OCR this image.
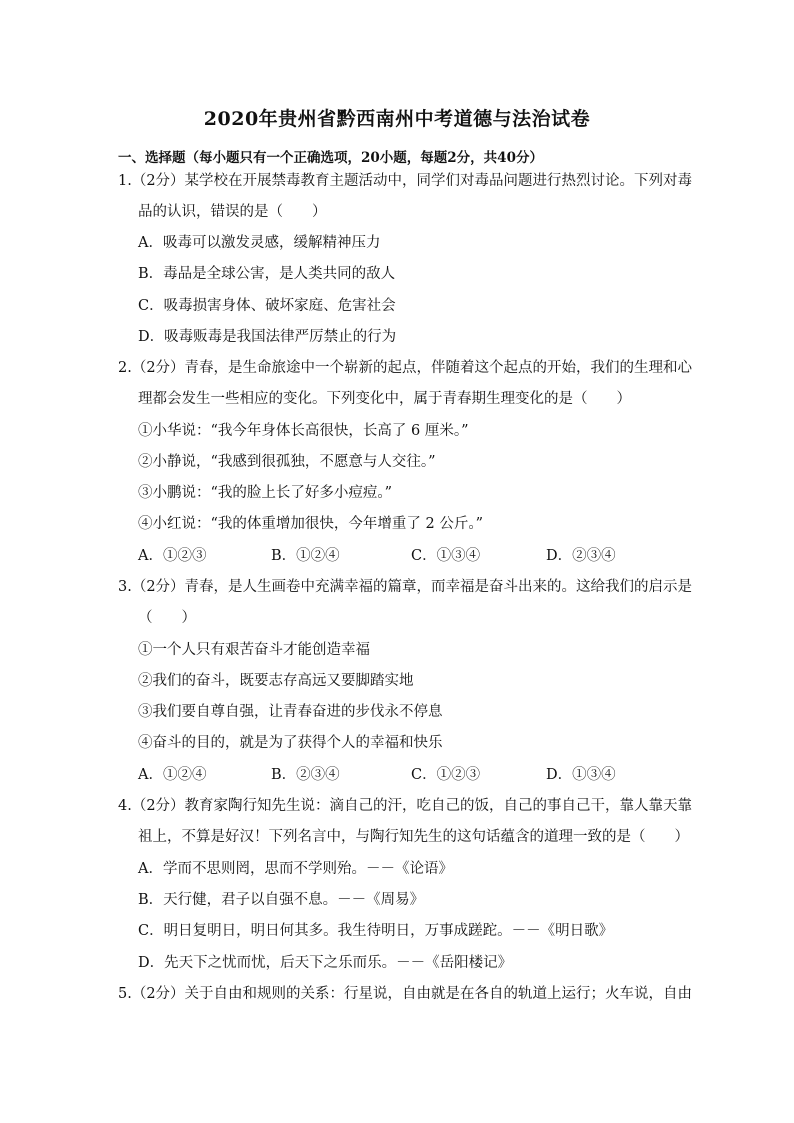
2020年贵州省黔西南州中考道德与法治试卷
一、选择题（每小题只有一个正确选项，20小题，每题2分，共40分）
1.（2分）某学校在开展禁毒教育主题活动中，同学们对毒品问题进行热烈讨论。下列对毒
品的认识，错误的是（　　）
A．吸毒可以激发灵感，缓解精神压力
B．毒品是全球公害，是人类共同的敌人
C．吸毒损害身体、破坏家庭、危害社会
D．吸毒贩毒是我国法律严厉禁止的行为
2.（2分）青春，是生命旅途中一个崭新的起点，伴随着这个起点的开始，我们的生理和心
理都会发生一些相应的变化。下列变化中，属于青春期生理变化的是（　　）
①小华说：“我今年身体长高很快，长高了 6 厘米。”
②小静说，“我感到很孤独，不愿意与人交往。”
③小鹏说：“我的脸上长了好多小痘痘。”
④小红说：“我的体重增加很快，今年增重了 2 公斤。”
A．①②③	B．①②④	C．①③④	D．②③④
3.（2分）青春，是人生画卷中充满幸福的篇章，而幸福是奋斗出来的。这给我们的启示是
（　　）
①一个人只有艰苦奋斗才能创造幸福
②我们的奋斗，既要志存高远又要脚踏实地
③我们要自尊自强，让青春奋进的步伐永不停息
④奋斗的目的，就是为了获得个人的幸福和快乐
A．①②④	B．②③④	C．①②③	D．①③④
4.（2分）教育家陶行知先生说：滴自己的汗，吃自己的饭，自己的事自己干，靠人靠天靠
祖上，不算是好汉！下列名言中，与陶行知先生的这句话蕴含的道理一致的是（　　）
A．学而不思则罔，思而不学则殆。－－《论语》
B．天行健，君子以自强不息。－－《周易》
C．明日复明日，明日何其多。我生待明日，万事成蹉跎。－－《明日歌》
D．先天下之忧而忧，后天下之乐而乐。－－《岳阳楼记》
5.（2分）关于自由和规则的关系：行星说，自由就是在各自的轨道上运行；火车说，自由
